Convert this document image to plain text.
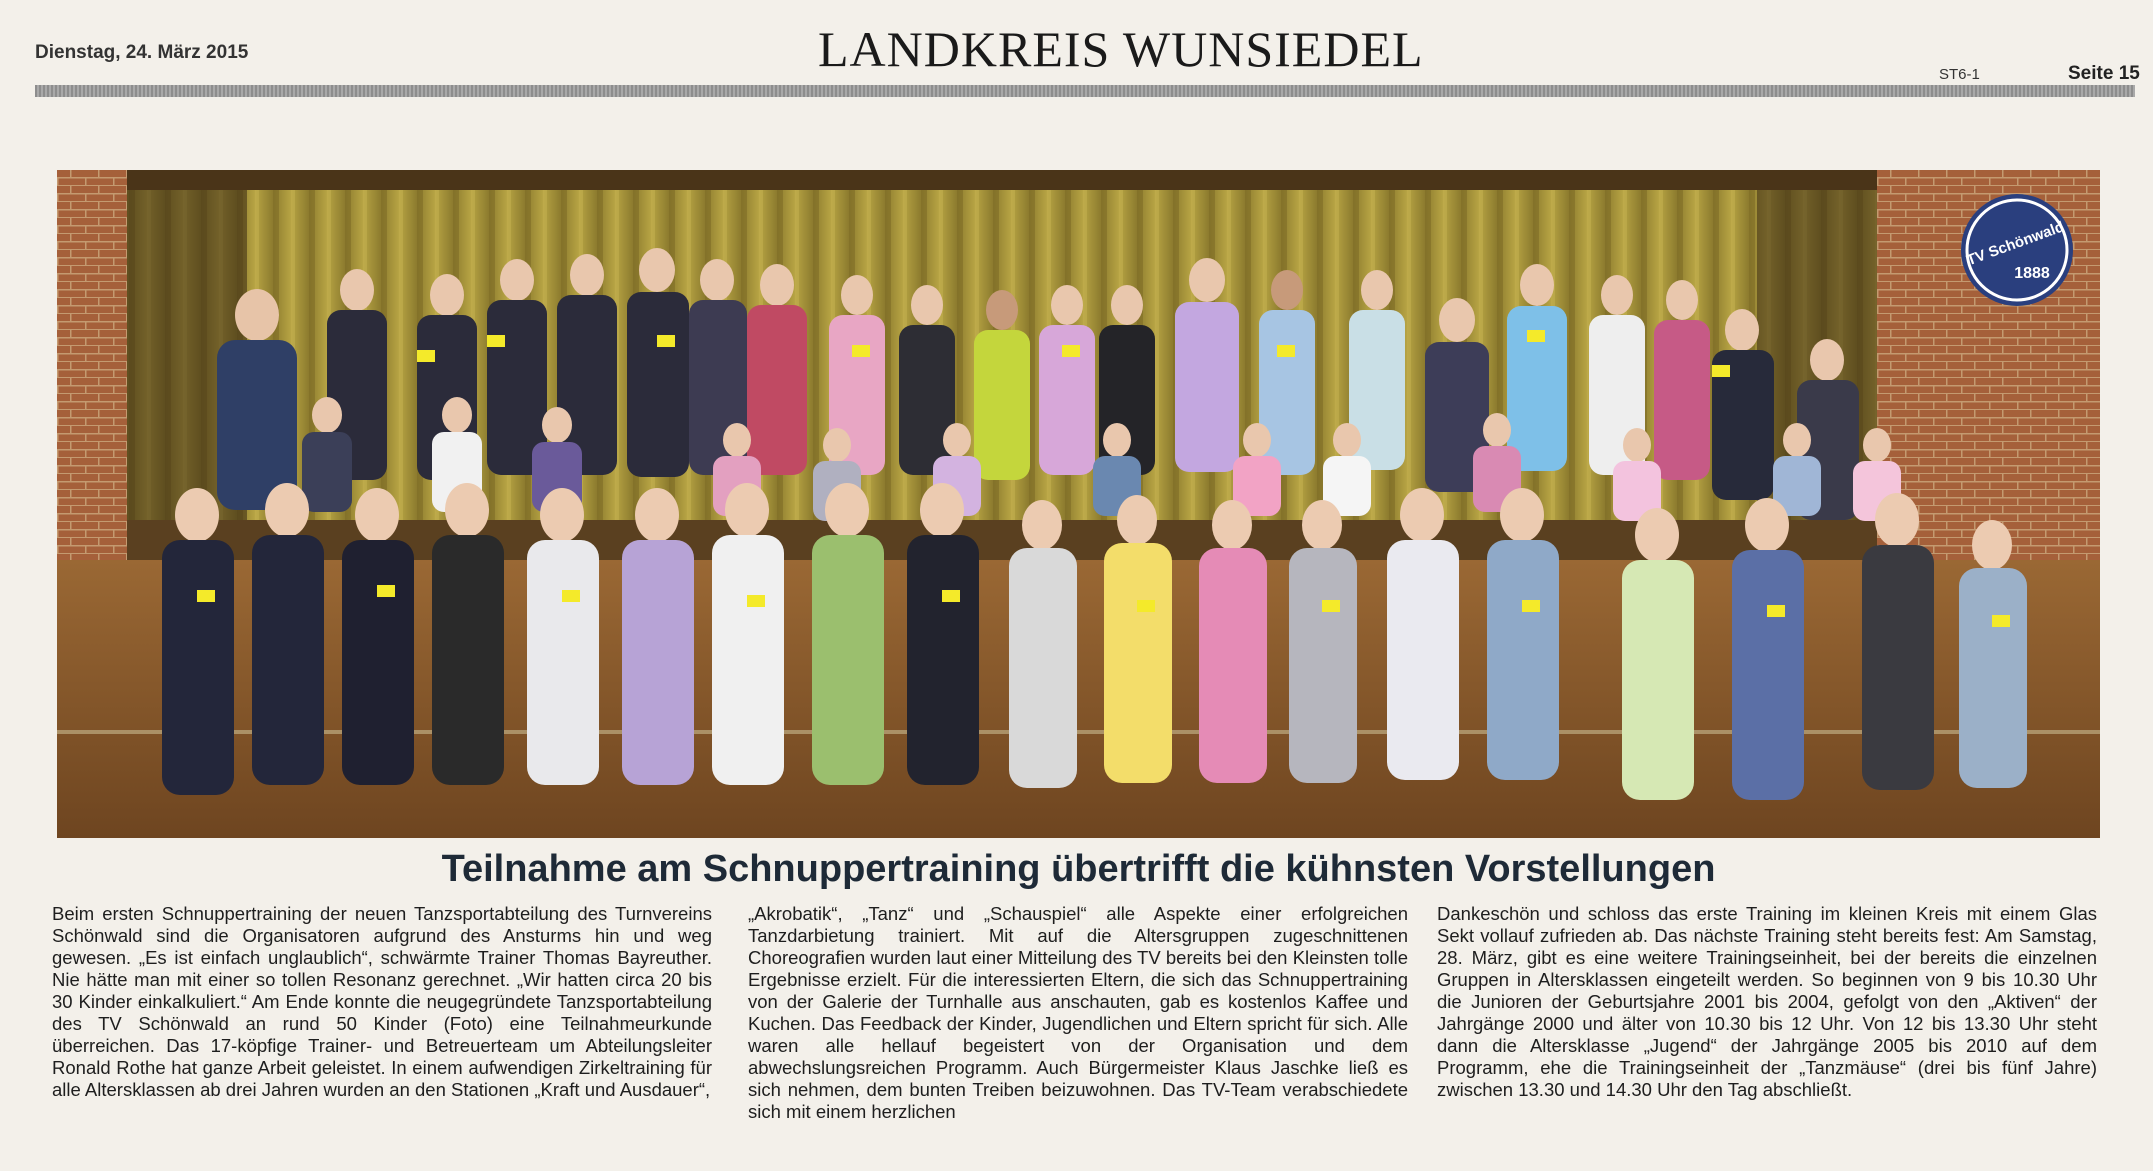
Dienstag, 24. März 2015	LANDKREIS WUNSIEDEL	ST6-1	Seite 15
TV Schönwald
1888
Teilnahme am Schnuppertraining übertrifft die kühnsten Vorstellungen
Beim ersten Schnuppertraining der neuen Tanzsportabteilung des Turnvereins Schönwald sind die Organisatoren aufgrund des Ansturms hin und weg gewesen. „Es ist einfach unglaublich“, schwärmte Trainer Thomas Bayreuther. Nie hätte man mit einer so tollen Resonanz gerechnet. „Wir hatten circa 20 bis 30 Kinder einkalkuliert.“ Am Ende konnte die neugegründete Tanzsportabteilung des TV Schönwald an rund 50 Kinder (Foto) eine Teilnahmeurkunde überreichen. Das 17-köpfige Trainer- und Betreuerteam um Abteilungsleiter Ronald Rothe hat ganze Arbeit geleistet. In einem aufwendigen Zirkeltraining für alle Altersklassen ab drei Jahren wurden an den Stationen „Kraft und Ausdauer“,
„Akrobatik“, „Tanz“ und „Schauspiel“ alle Aspekte einer erfolgreichen Tanzdarbietung trainiert. Mit auf die Altersgruppen zugeschnittenen Choreografien wurden laut einer Mitteilung des TV bereits bei den Kleinsten tolle Ergebnisse erzielt. Für die interessierten Eltern, die sich das Schnuppertraining von der Galerie der Turnhalle aus anschauten, gab es kostenlos Kaffee und Kuchen. Das Feedback der Kinder, Jugendlichen und Eltern spricht für sich. Alle waren alle hellauf begeistert von der Organisation und dem abwechslungsreichen Programm. Auch Bürgermeister Klaus Jaschke ließ es sich nehmen, dem bunten Treiben beizuwohnen. Das TV-Team verabschiedete sich mit einem herzlichen
Dankeschön und schloss das erste Training im kleinen Kreis mit einem Glas Sekt vollauf zufrieden ab. Das nächste Training steht bereits fest: Am Samstag, 28. März, gibt es eine weitere Trainingseinheit, bei der bereits die einzelnen Gruppen in Altersklassen eingeteilt werden. So beginnen von 9 bis 10.30 Uhr die Junioren der Geburtsjahre 2001 bis 2004, gefolgt von den „Aktiven“ der Jahrgänge 2000 und älter von 10.30 bis 12 Uhr. Von 12 bis 13.30 Uhr steht dann die Altersklasse „Jugend“ der Jahrgänge 2005 bis 2010 auf dem Programm, ehe die Trainingseinheit der „Tanzmäuse“ (drei bis fünf Jahre) zwischen 13.30 und 14.30 Uhr den Tag abschließt.
